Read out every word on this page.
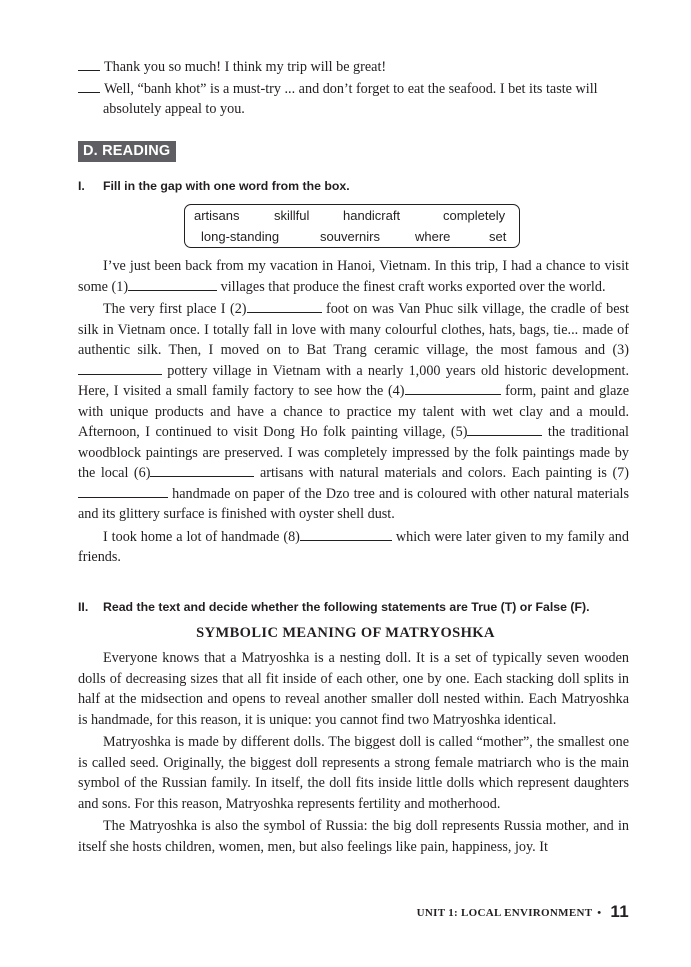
Thank you so much! I think my trip will be great!
Well, “banh khot” is a must-try ... and don’t forget to eat the seafood. I bet its taste will
absolutely appeal to you.
D. READING
I. Fill in the gap with one word from the box.
artisans	skillful	handicraft	completely
long-standing	souvernirs	where	set

I’ve just been back from my vacation in Hanoi, Vietnam. In this trip, I had a chance to visit some (1)	villages that produce the finest craft works exported over the world.

The very first place I (2)	foot on was Van Phuc silk village, the cradle of best silk in Vietnam once. I totally fall in love with many colourful clothes, hats, bags, tie... made of authentic silk. Then, I moved on to Bat Trang ceramic village, the most famous and (3) pottery village in Vietnam with a nearly 1,000 years old historic development. Here, I visited a small family factory to see how the (4)	form, paint and glaze with unique products and have a chance to practice my talent with wet clay and a mould. Afternoon, I continued to visit Dong Ho folk painting village, (5)	the traditional woodblock paintings are preserved. I was completely impressed by the folk paintings made by the local (6)	artisans with natural materials and colors. Each painting is (7) handmade on paper of the Dzo tree and is coloured with other natural materials and its glittery surface is finished with oyster shell dust.

I took home a lot of handmade (8)	which were later given to my family and friends.

II. Read the text and decide whether the following statements are True (T) or False (F).
SYMBOLIC MEANING OF MATRYOSHKA

Everyone knows that a Matryoshka is a nesting doll. It is a set of typically seven wooden dolls of decreasing sizes that all fit inside of each other, one by one. Each stacking doll splits in half at the midsection and opens to reveal another smaller doll nested within. Each Matryoshka is handmade, for this reason, it is unique: you cannot find two Matryoshka identical.

Matryoshka is made by different dolls. The biggest doll is called “mother”, the smallest one is called seed. Originally, the biggest doll represents a strong female matriarch who is the main symbol of the Russian family. In itself, the doll fits inside little dolls which represent daughters and sons. For this reason, Matryoshka represents fertility and motherhood.

The Matryoshka is also the symbol of Russia: the big doll represents Russia mother, and in itself she hosts children, women, men, but also feelings like pain, happiness, joy. It

UNIT 1: LOCAL ENVIRONMENT • 11
